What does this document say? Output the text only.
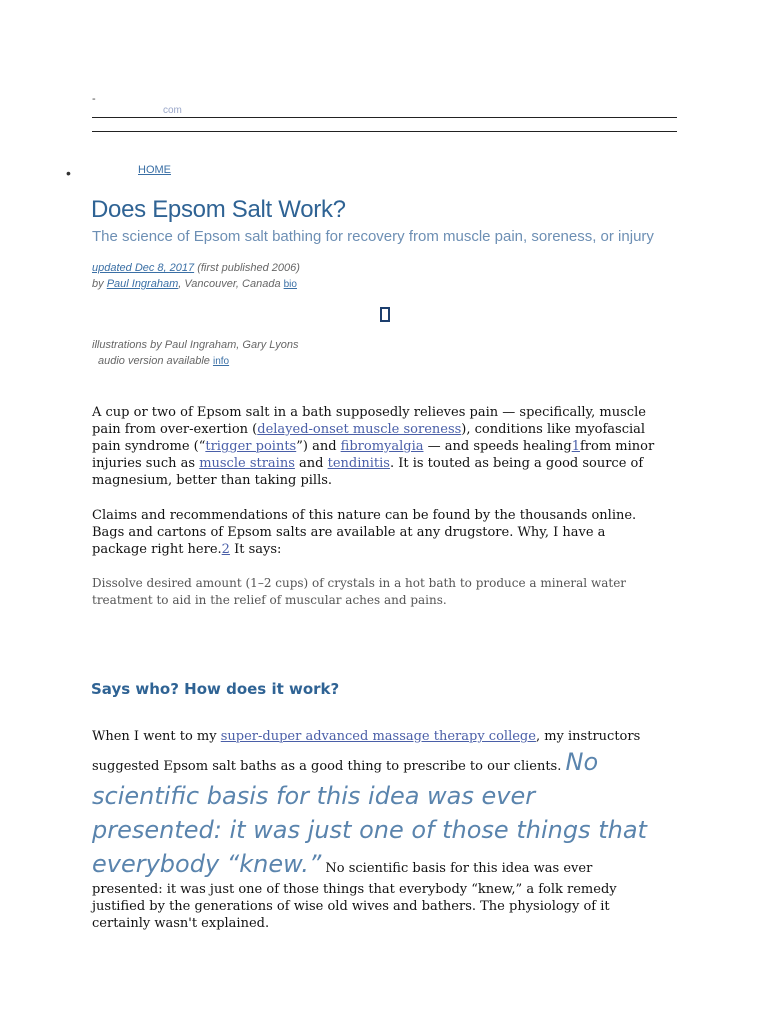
-
com
•	HOME
Does Epsom Salt Work?

The science of Epsom salt bathing for recovery from muscle pain, soreness, or injury

updated Dec 8, 2017 (first published 2006)
by Paul Ingraham, Vancouver, Canada bio
illustrations by Paul Ingraham, Gary Lyons
audio version available info

A cup or two of Epsom salt in a bath supposedly relieves pain — specifically, muscle pain from over-exertion (delayed-onset muscle soreness), conditions like myofascial pain syndrome (“trigger points”) and fibromyalgia — and speeds healing1from minor injuries such as muscle strains and tendinitis. It is touted as being a good source of magnesium, better than taking pills.

Claims and recommendations of this nature can be found by the thousands online. Bags and cartons of Epsom salts are available at any drugstore. Why, I have a package right here.2 It says:

Dissolve desired amount (1–2 cups) of crystals in a hot bath to produce a mineral water treatment to aid in the relief of muscular aches and pains.

Says who? How does it work?

When I went to my super-duper advanced massage therapy college, my instructors suggested Epsom salt baths as a good thing to prescribe to our clients. No scientific basis for this idea was ever presented: it was just one of those things that everybody “knew.” No scientific basis for this idea was ever presented: it was just one of those things that everybody “knew,” a folk remedy justified by the generations of wise old wives and bathers. The physiology of it certainly wasn't explained.
